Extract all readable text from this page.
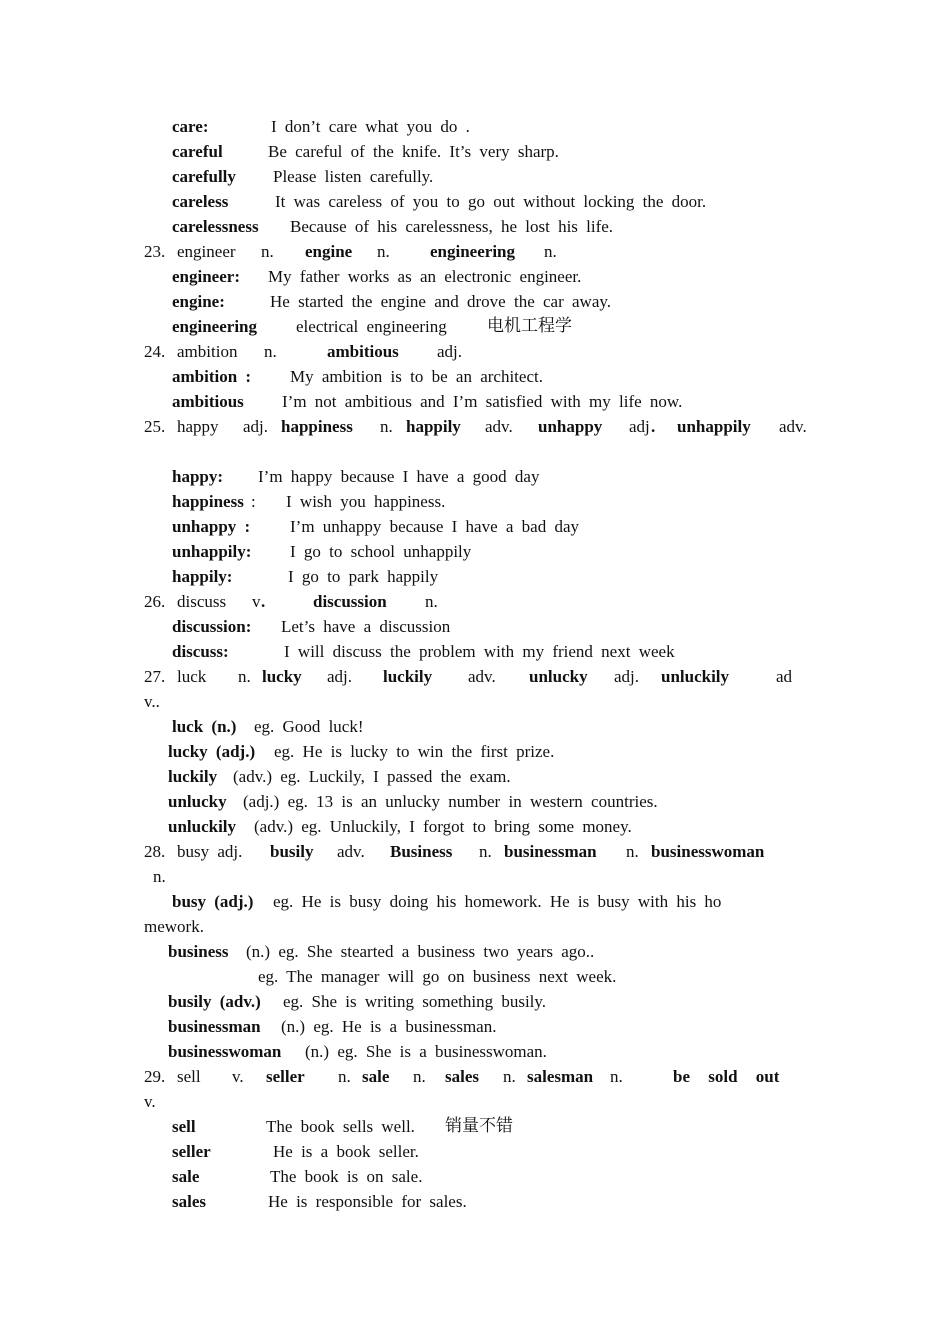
care:	I don’t care what you do .
careful	Be careful of the knife. It’s very sharp.
carefully Please listen carefully.
careless	It was careless of you to go out without locking the door.
carelessness Because of his carelessness, he lost his life.
23. engineer n. engine n. engineering n.
engineer: My father works as an electronic engineer.
engine:	He started the engine and drove the car away.
engineering electrical engineering 电机工程学
24. ambition n.	ambitious adj.
ambition : My ambition is to be an architect.
ambitious I’m not ambitious and I’m satisfied with my life now.
25. happy adj. happiness n. happily adv. unhappy adj . unhappily adv.
happy: I’m happy because I have a good day
happiness : I wish you happiness.
unhappy : I’m unhappy because I have a bad day
unhappily: I go to school unhappily
happily:	I go to park happily
26. discuss v .	discussion n.
discussion: Let’s have a discussion
discuss:	I will discuss the problem with my friend next week
27. luck n. lucky adj. luckily adv. unlucky adj. unluckily	ad
v..
luck (n.) eg. Good luck!
lucky (adj.) eg. He is lucky to win the first prize.
luckily (adv.) eg. Luckily, I passed the exam.
unlucky (adj.) eg. 13 is an unlucky number in western countries.
unluckily (adv.) eg. Unluckily, I forgot to bring some money.
28. busy adj. busily adv. Business n. businessman n. businesswoman
n.
busy (adj.) eg. He is busy doing his homework. He is busy with his ho
mework.
business (n.) eg. She stearted a business two years ago..
eg. The manager will go on business next week.
busily (adv.) eg. She is writing something busily.
businessman (n.) eg. He is a businessman.
businesswoman (n.) eg. She is a businesswoman.
29. sell v. seller n. sale n. sales n. salesman n.	be sold out
v.
sell	The book sells well. 销量不错
seller	He is a book seller.
sale	The book is on sale.
sales	He is responsible for sales.
